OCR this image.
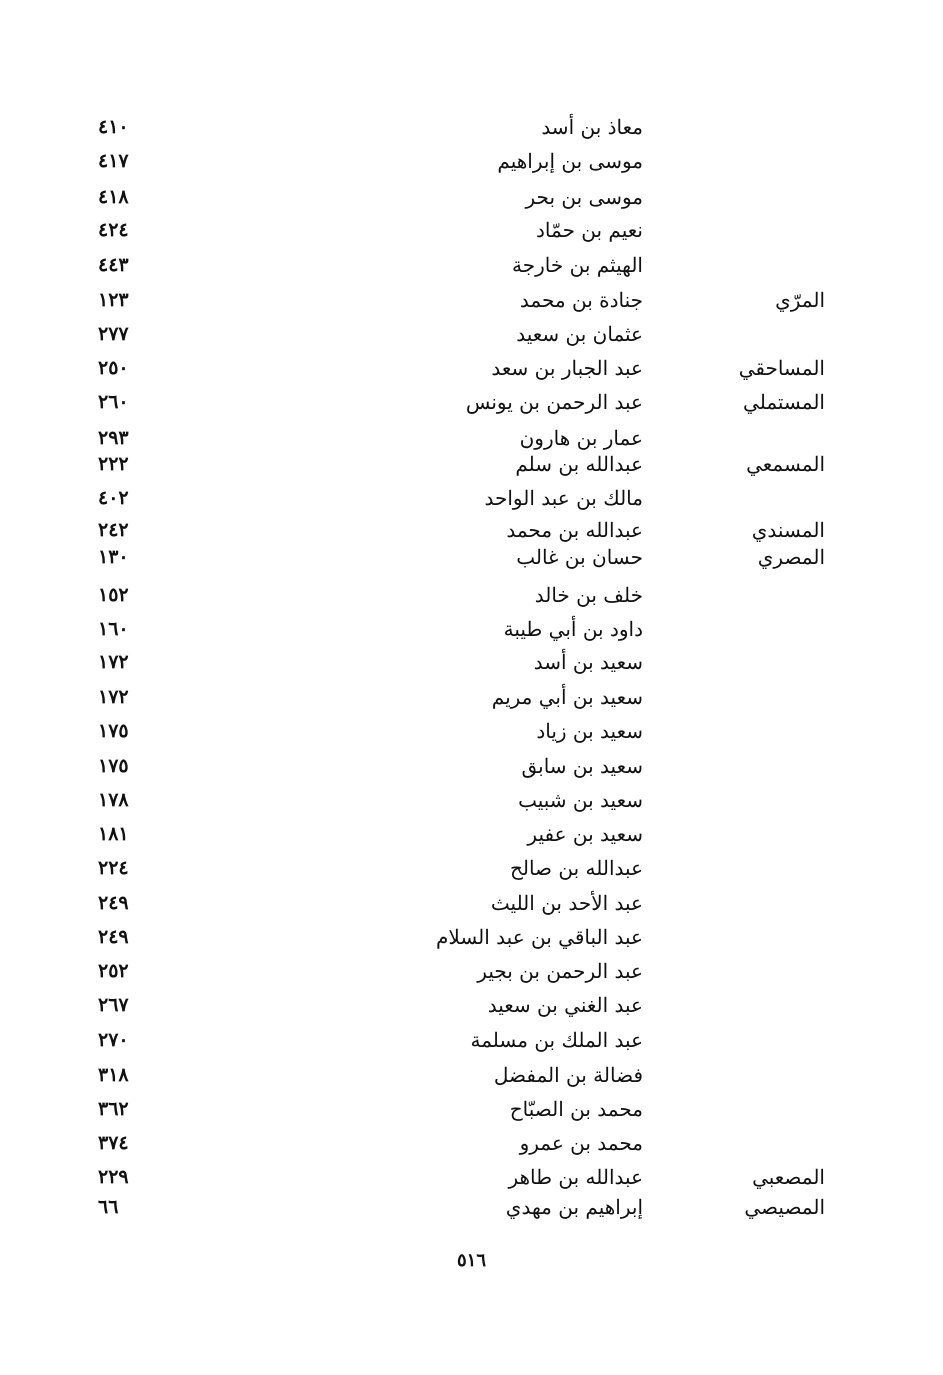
معاذ بن أسد
٤١٠
موسى بن إبراهيم
٤١٧
موسى بن بحر
٤١٨
نعيم بن حمّاد
٤٢٤
الهيثم بن خارجة
٤٤٣
المرّي
جنادة بن محمد
١٢٣
عثمان بن سعيد
٢٧٧
المساحقي
عبد الجبار بن سعد
٢٥٠
المستملي
عبد الرحمن بن يونس
٢٦٠
عمار بن هارون
٢٩٣
المسمعي
عبدالله بن سلم
٢٢٢
مالك بن عبد الواحد
٤٠٢
المسندي
عبدالله بن محمد
٢٤٢
المصري
حسان بن غالب
١٣٠
خلف بن خالد
١٥٢
داود بن أبي طيبة
١٦٠
سعيد بن أسد
١٧٢
سعيد بن أبي مريم
١٧٢
سعيد بن زياد
١٧٥
سعيد بن سابق
١٧٥
سعيد بن شبيب
١٧٨
سعيد بن عفير
١٨١
عبدالله بن صالح
٢٢٤
عبد الأحد بن الليث
٢٤٩
عبد الباقي بن عبد السلام
٢٤٩
عبد الرحمن بن بجير
٢٥٢
عبد الغني بن سعيد
٢٦٧
عبد الملك بن مسلمة
٢٧٠
فضالة بن المفضل
٣١٨
محمد بن الصبّاح
٣٦٢
محمد بن عمرو
٣٧٤
المصعبي
عبدالله بن طاهر
٢٢٩
المصيصي
إبراهيم بن مهدي
٦٦
٥١٦
